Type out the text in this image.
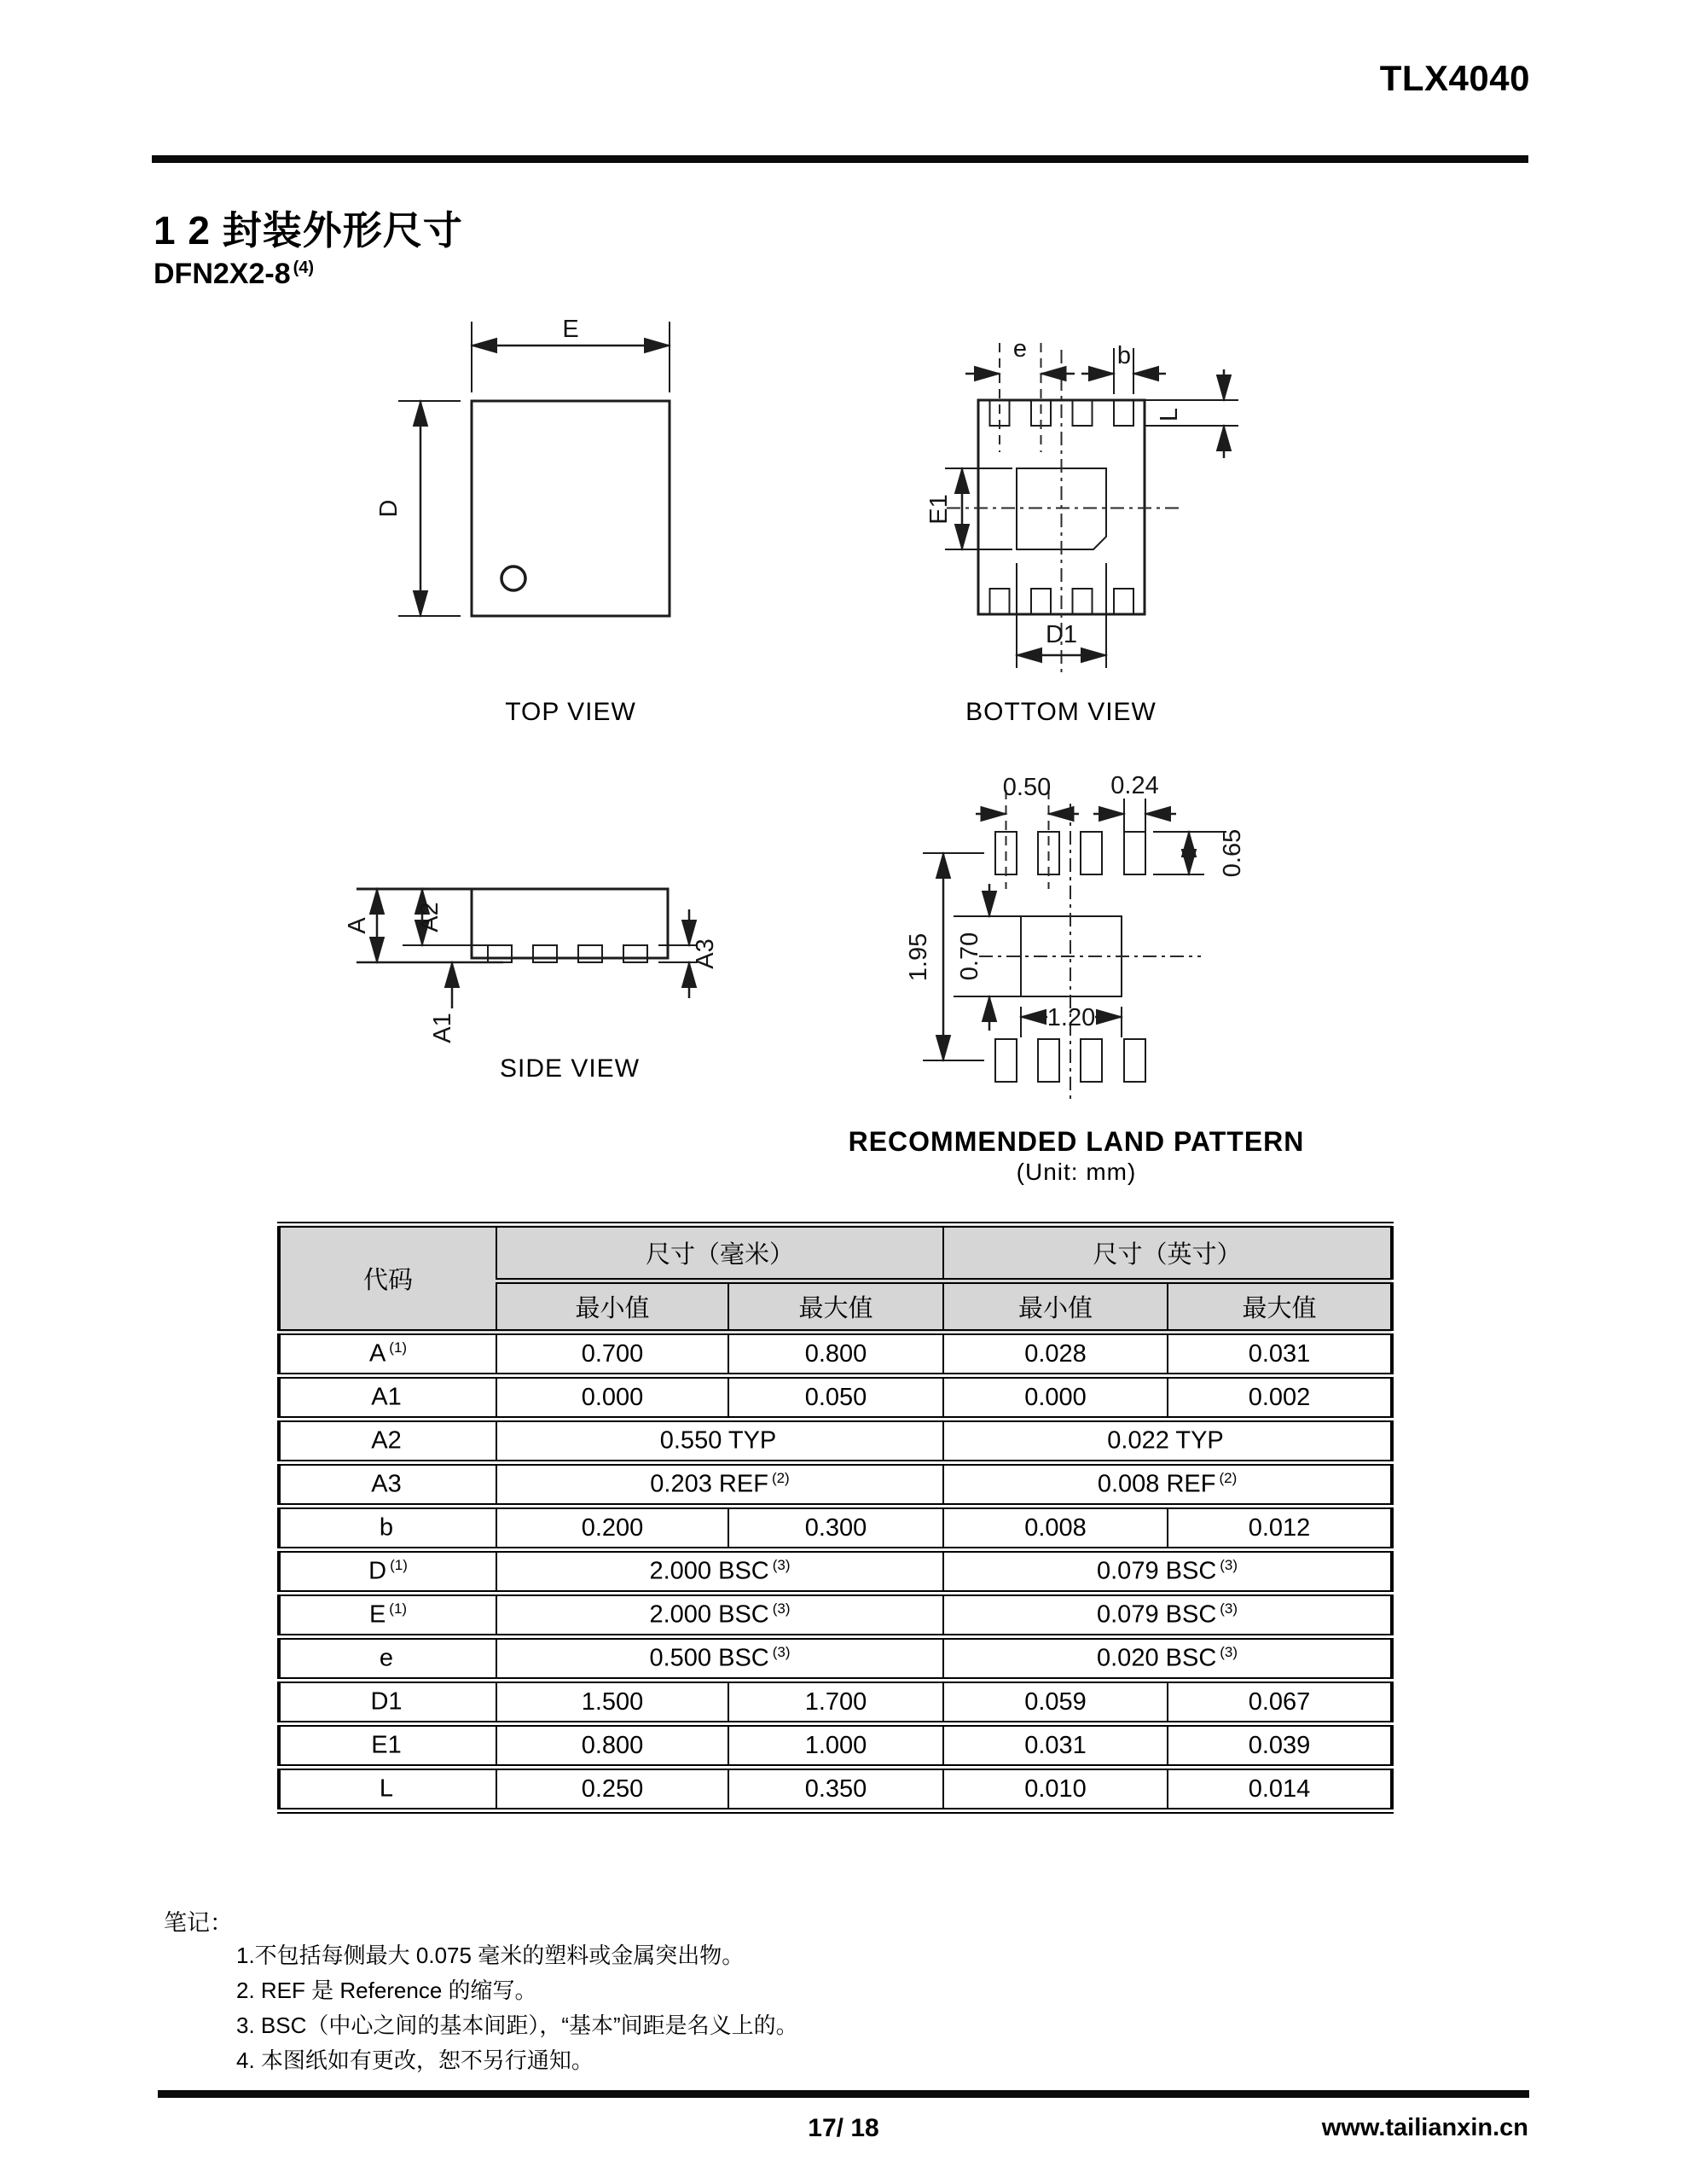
TLX4040
1 2 封装外形尺寸
DFN2X2-8 $^{(4)}$
E
D
TOP VIEW
e	b
L
E1
D1
BOTTOM VIEW
A A2
A1
A3
SIDE VIEW
0.50 0.24
0.65
1.95 0.70
1.20
RECOMMENDED LAND PATTERN
(Unit: mm)
代码	尺寸（毫米）		尺寸（英寸）	
	最小值	最大值	最小值	最大值
A $^{(1)}$	0.700	0.800	0.028	0.031
A1	0.000	0.050	0.000	0.002
A2	0.550 TYP		0.022 TYP	
A3	0.203 REF $^{(2)}$		0.008 REF $^{(2)}$
b	0.200	0.300	0.008	0.012
D $^{(1)}$	2.000 BSC $^{(3)}$		0.079 BSC $^{(3)}$
E $^{(1)}$	2.000 BSC $^{(3)}$		0.079 BSC $^{(3)}$
e	0.500 BSC $^{(3)}$		0.020 BSC $^{(3)}$
D1	1.500	1.700	0.059	0.067
E1	0.800	1.000	0.031	0.039
L	0.250	0.350	0.010	0.014
笔记：
1.不包括每侧最大 0.075 毫米的塑料或金属突出物。
2. REF 是 Reference 的缩写。
3. BSC（中心之间的基本间距），“基本”间距是名义上的。
4. 本图纸如有更改，恕不另行通知。
17/ 18	www.tailianxin.cn
